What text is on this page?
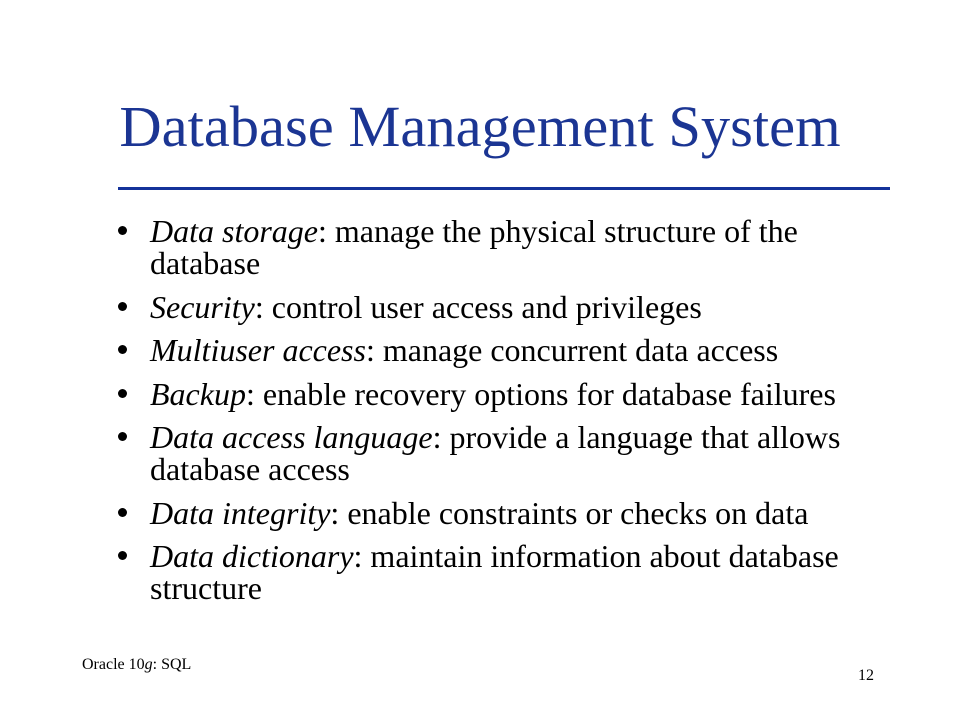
Database Management System
Data storage: manage the physical structure of the database
Security: control user access and privileges
Multiuser access: manage concurrent data access
Backup: enable recovery options for database failures
Data access language: provide a language that allows database access
Data integrity: enable constraints or checks on data
Data dictionary: maintain information about database structure
Oracle 10g: SQL
12
